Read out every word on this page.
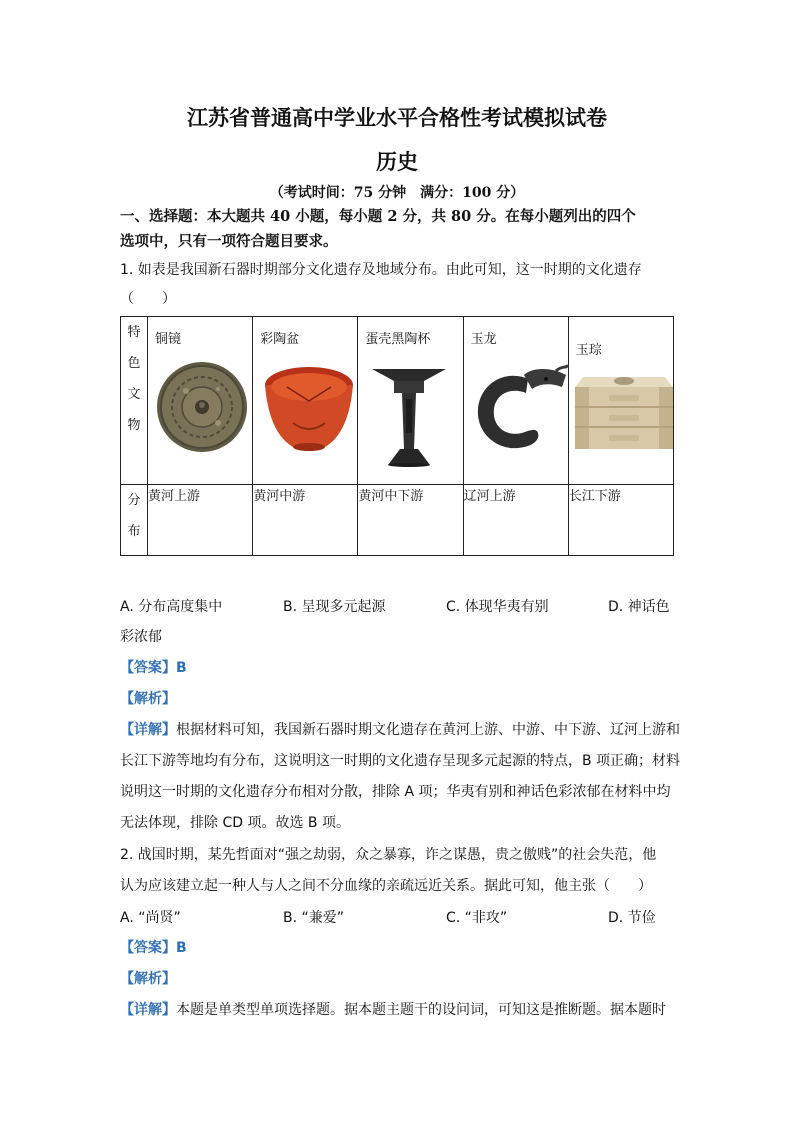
江苏省普通高中学业水平合格性考试模拟试卷
历史
（考试时间：75 分钟　满分：100 分）
一、选择题：本大题共 40 小题，每小题 2 分，共 80 分。在每小题列出的四个
选项中，只有一项符合题目要求。
1. 如表是我国新石器时期部分文化遗存及地域分布。由此可知，这一时期的文化遗存
（　　）
特色文物	铜镜	彩陶盆	蛋壳黑陶杯	玉龙	玉琮

分布	黄河上游	黄河中游	黄河中下游	辽河上游	长江下游
A. 分布高度集中	B. 呈现多元起源	C. 体现华夷有别	D. 神话色
彩浓郁
【答案】B
【解析】
【详解】根据材料可知，我国新石器时期文化遗存在黄河上游、中游、中下游、辽河上游和
长江下游等地均有分布，这说明这一时期的文化遗存呈现多元起源的特点，B 项正确；材料
说明这一时期的文化遗存分布相对分散，排除 A 项；华夷有别和神话色彩浓郁在材料中均
无法体现，排除 CD 项。故选 B 项。
2. 战国时期，某先哲面对“强之劫弱，众之暴寡，诈之谋愚，贵之傲贱”的社会失范，他
认为应该建立起一种人与人之间不分血缘的亲疏远近关系。据此可知，他主张（　　）
A. “尚贤”	B. “兼爱”	C. “非攻”	D. 节俭
【答案】B
【解析】
【详解】本题是单类型单项选择题。据本题主题干的设问词，可知这是推断题。据本题时
